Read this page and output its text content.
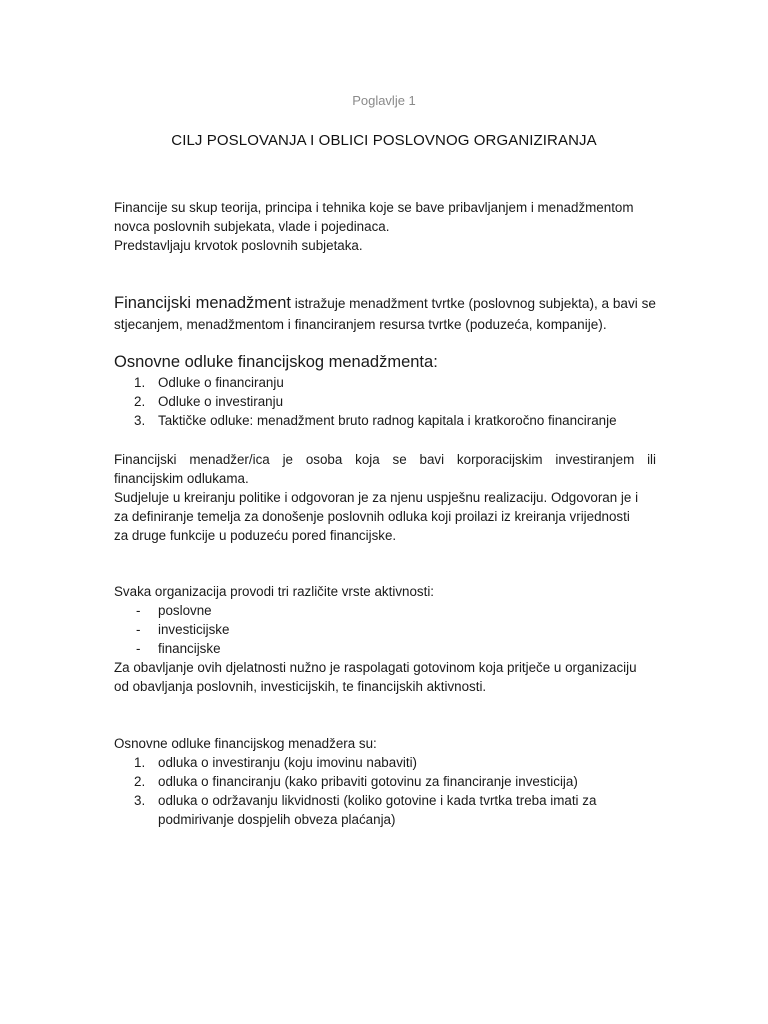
Poglavlje 1
CILJ POSLOVANJA I OBLICI POSLOVNOG ORGANIZIRANJA
Financije su skup teorija, principa i tehnika koje se bave pribavljanjem i menadžmentom
novca poslovnih subjekata, vlade i pojedinaca.
Predstavljaju krvotok poslovnih subjetaka.
Financijski menadžment istražuje menadžment tvrtke (poslovnog subjekta), a bavi se
stjecanjem, menadžmentom i financiranjem resursa tvrtke (poduzeća, kompanije).
Osnovne odluke financijskog menadžmenta:
1. Odluke o financiranju
2. Odluke o investiranju
3. Taktičke odluke: menadžment bruto radnog kapitala i kratkoročno financiranje
Financijski menadžer/ica je osoba koja se bavi korporacijskim investiranjem ili
financijskim odlukama.
Sudjeluje u kreiranju politike i odgovoran je za njenu uspješnu realizaciju. Odgovoran je i
za definiranje temelja za donošenje poslovnih odluka koji proilazi iz kreiranja vrijednosti
za druge funkcije u poduzeću pored financijske.
Svaka organizacija provodi tri različite vrste aktivnosti:
- poslovne
- investicijske
- financijske
Za obavljanje ovih djelatnosti nužno je raspolagati gotovinom koja pritječe u organizaciju
od obavljanja poslovnih, investicijskih, te financijskih aktivnosti.
Osnovne odluke financijskog menadžera su:
1. odluka o investiranju (koju imovinu nabaviti)
2. odluka o financiranju (kako pribaviti gotovinu za financiranje investicija)
3. odluka o održavanju likvidnosti (koliko gotovine i kada tvrtka treba imati za
podmirivanje dospjelih obveza plaćanja)
